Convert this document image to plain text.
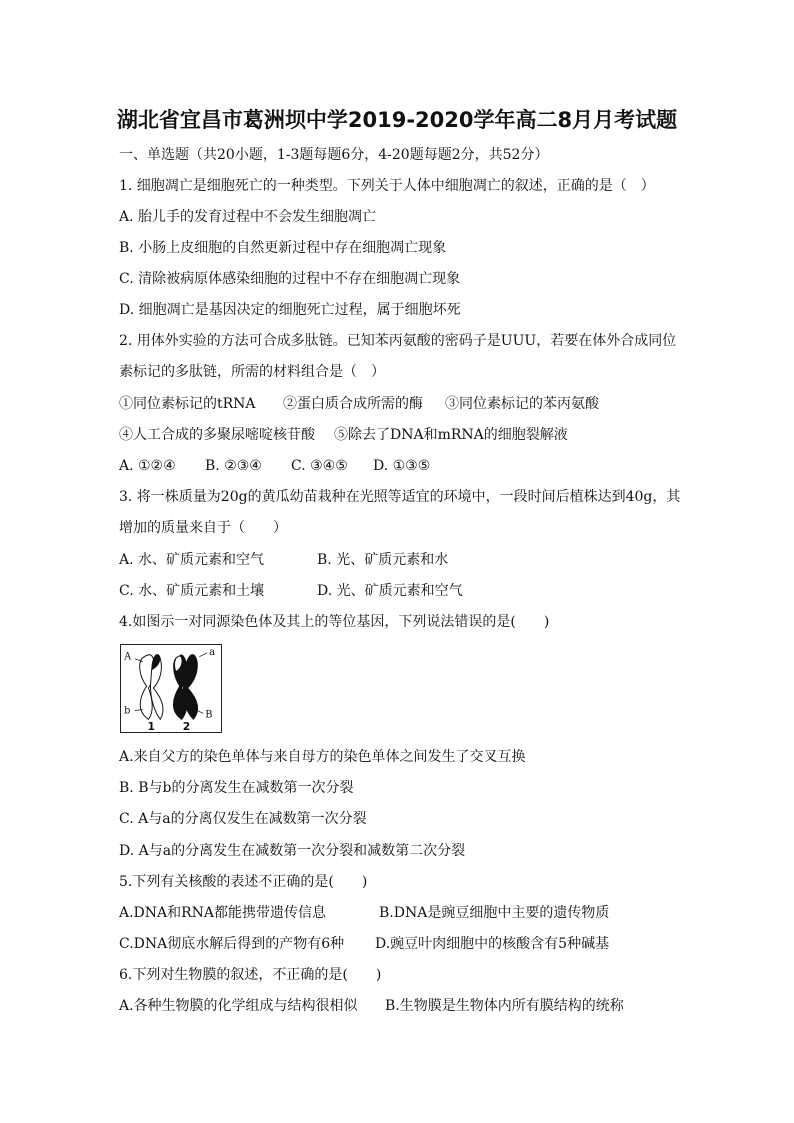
湖北省宜昌市葛洲坝中学2019-2020学年高二8月月考试题
一、单选题（共20小题，1-3题每题6分，4-20题每题2分，共52分）
1. 细胞凋亡是细胞死亡的一种类型。下列关于人体中细胞凋亡的叙述，正确的是（　）
A. 胎儿手的发育过程中不会发生细胞凋亡
B. 小肠上皮细胞的自然更新过程中存在细胞凋亡现象
C. 清除被病原体感染细胞的过程中不存在细胞凋亡现象
D. 细胞凋亡是基因决定的细胞死亡过程，属于细胞坏死
2. 用体外实验的方法可合成多肽链。已知苯丙氨酸的密码子是UUU，若要在体外合成同位
素标记的多肽链，所需的材料组合是（　）
①同位素标记的tRNA ②蛋白质合成所需的酶 ③同位素标记的苯丙氨酸
④人工合成的多聚尿嘧啶核苷酸 ⑤除去了DNA和mRNA的细胞裂解液
A. ①②④ B. ②③④ C. ③④⑤ D. ①③⑤
3. 将一株质量为20g的黄瓜幼苗栽种在光照等适宜的环境中，一段时间后植株达到40g，其
增加的质量来自于（　　）
A. 水、矿质元素和空气	B. 光、矿质元素和水
C. 水、矿质元素和土壤	D. 光、矿质元素和空气
4.如图示一对同源染色体及其上的等位基因，下列说法错误的是(　　)
A	a
b	B
1	2
A.来自父方的染色单体与来自母方的染色单体之间发生了交叉互换
B. B与b的分离发生在减数第一次分裂
C. A与a的分离仅发生在减数第一次分裂
D. A与a的分离发生在减数第一次分裂和减数第二次分裂
5.下列有关核酸的表述不正确的是(　　)
A.DNA和RNA都能携带遗传信息	B.DNA是豌豆细胞中主要的遗传物质
C.DNA彻底水解后得到的产物有6种 D.豌豆叶肉细胞中的核酸含有5种碱基
6.下列对生物膜的叙述，不正确的是(　　)
A.各种生物膜的化学组成与结构很相似 B.生物膜是生物体内所有膜结构的统称
